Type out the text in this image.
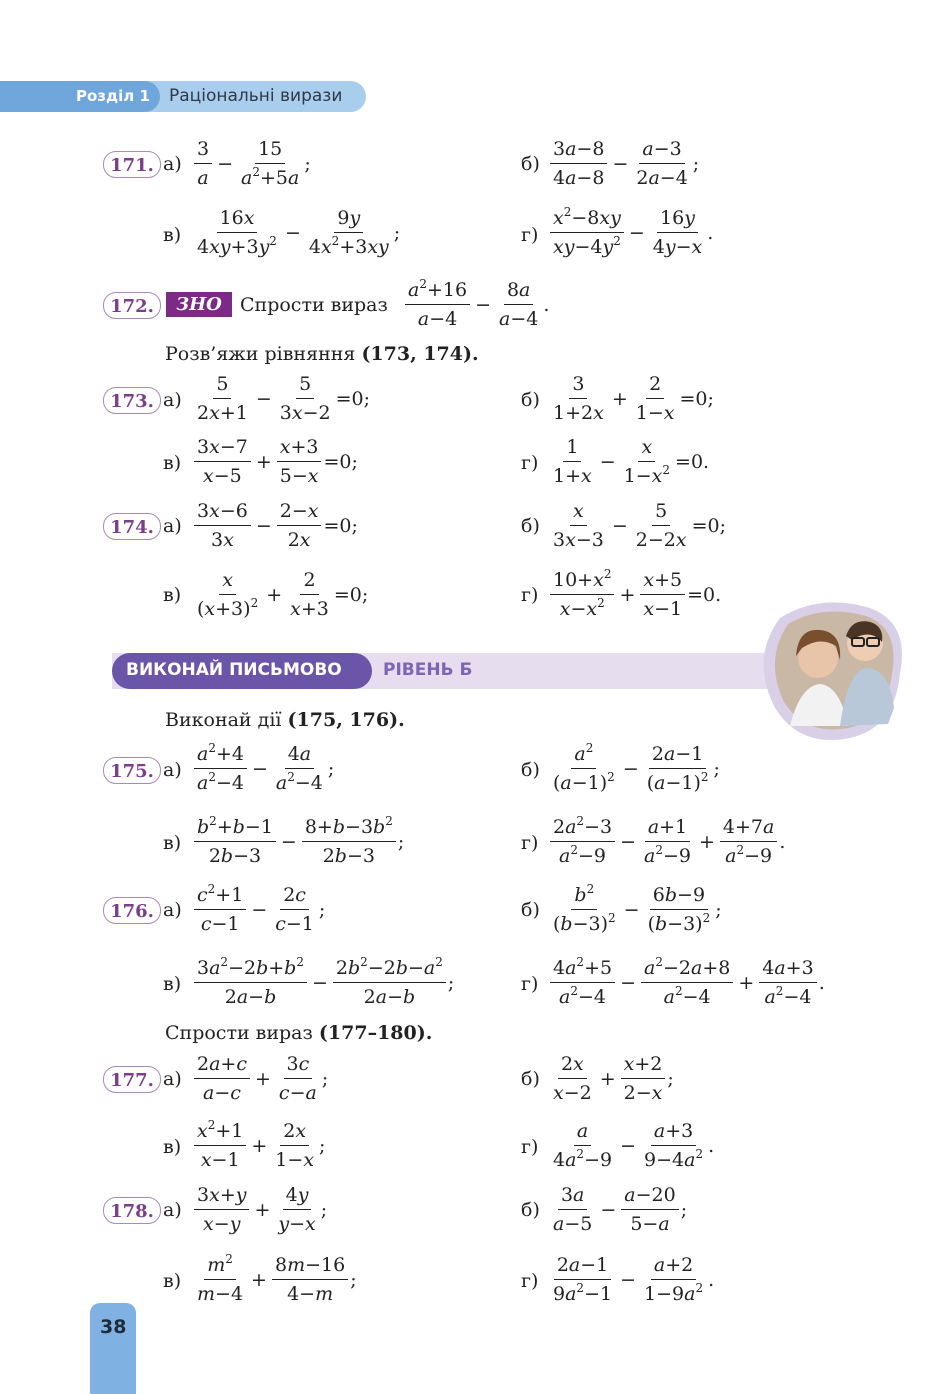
Розділ 1 Раціональні вирази
171. а)
3
a
− $\frac{15}{a^2+5a}$ ;	б)
3a−8
4a−8
− $\frac{a-3}{2a-4}$ ;
в)
16x
$4xy+3y^2 - \frac{9y}{4x^2+3xy}$ ;	г)
$x^2-8xy$
$xy-4y^2 - \frac{16y}{4y-x}$ .
172.	ЗНО Спрости вираз
$a^2+16$
a−4
− $\frac{8a}{a-4}$ .
Розв’яжи рівняння (173, 174).
173. а)
5
2x+1
− $\frac{5}{3x-2} =0$;	б)
3
1+2x
+ $\frac{2}{1-x} =0$;
в)
3x−7
x−5
+ $\frac{x+3}{5-x} =0$;	г)
1
1+x
− $\frac{x}{1-x^2} =0$.
174. а)
3x−6
3x
− $\frac{2-x}{2x} =0$;	б)
x
3x−3
− $\frac{5}{2-2x} =0$;
в)
x
$(x+3)^2 + \frac{2}{x+3} =0$;	г)
$10+x^2$
$x-x^2 + \frac{x+5}{x-1} =0$.
ВИКОНАЙ ПИСЬМОВО РІВЕНЬ Б
Виконай дії (175, 176).
175. а)
$a^2+4$
$a^2-4$
− $\frac{4a}{a^2-4}$ ;	б)
$a^2$
$(a-1)^2 - \frac{2a-1}{(a-1)^2}$ ;
в)
$b^2+b-1$
2b−3
− $\frac{8+b-3b^2}{2b-3}$ ;	г)
$2a^2-3$
$a^2-9$
− $\frac{a+1}{a^2-9} + \frac{4+7a}{a^2-9}$ .
176. а)
$c^2+1$
c−1
− $\frac{2c}{c-1}$ ;	б)
$b^2$
$(b-3)^2 - \frac{6b-9}{(b-3)^2}$ ;
в)
$3a^2-2b+b^2$
2a−b
− $\frac{2b^2-2b-a^2}{2a-b}$ ;	г)
$4a^2+5$
$a^2-4$
− $\frac{a^2-2a+8}{a^2-4} + \frac{4a+3}{a^2-4}$ .
Спрости вираз (177–180).
177. а)
2a+c
a−c
+ $\frac{3c}{c-a}$ ;	б)
2x
x−2
+ $\frac{x+2}{2-x}$ ;
в)
$x^2+1$
x−1
+ $\frac{2x}{1-x}$ ;	г)
a
$4a^2-9$
− $\frac{a+3}{9-4a^2}$ .
178. а)
3x+y
x−y
+ $\frac{4y}{y-x}$ ;	б)
3a
a−5
− $\frac{a-20}{5-a}$ ;
в)
$m^2$
m−4
+ $\frac{8m-16}{4-m}$ ;	г)
2a−1
$9a^2-1$
− $\frac{a+2}{1-9a^2}$ .
38
